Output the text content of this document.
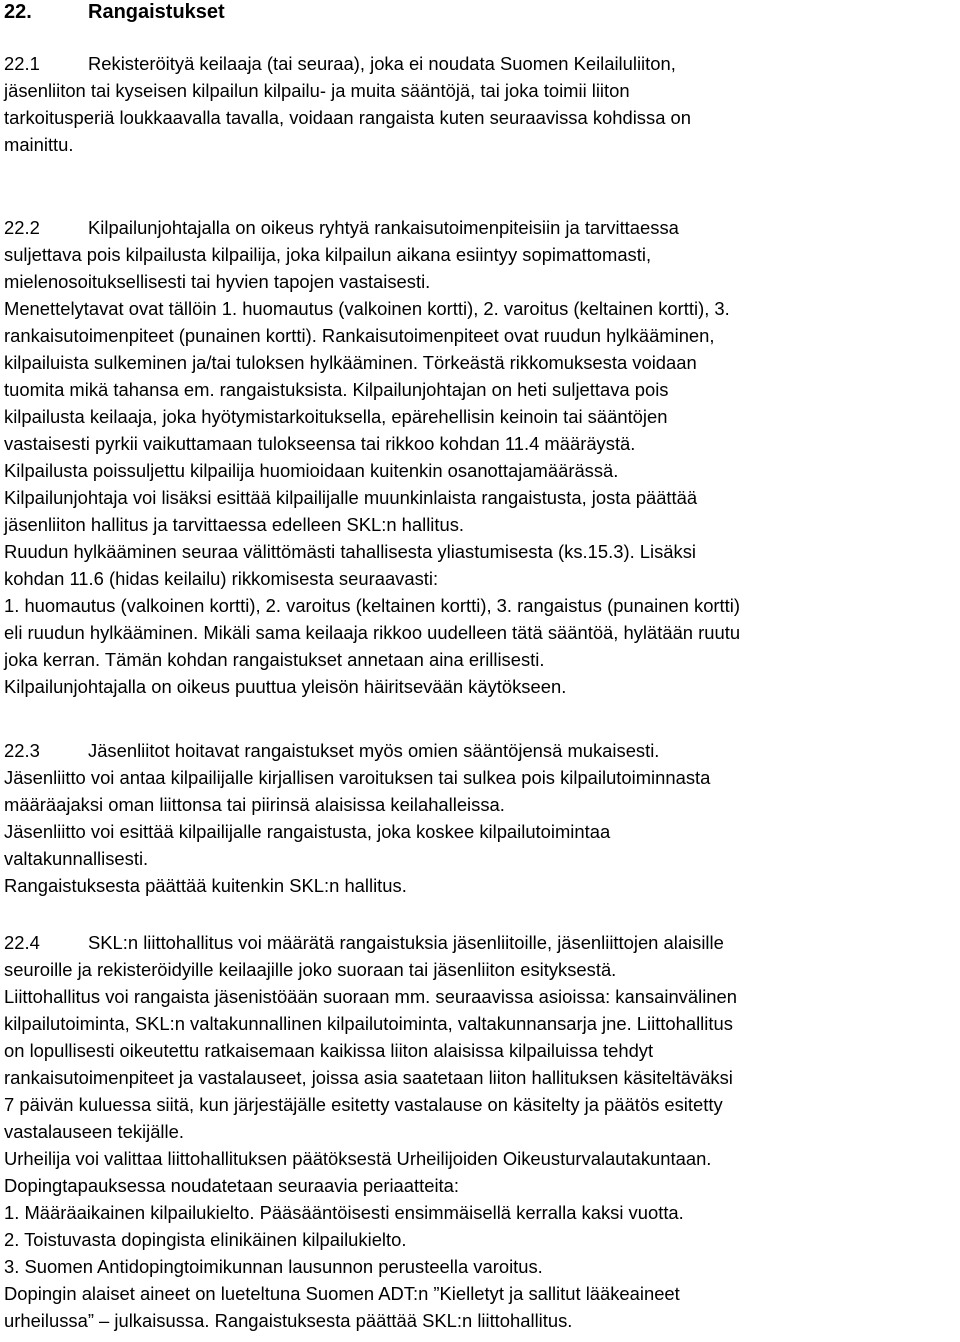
22.	Rangaistukset
22.1	Rekisteröityä keilaaja (tai seuraa), joka ei noudata Suomen Keilailuliiton,
jäsenliiton tai kyseisen kilpailun kilpailu- ja muita sääntöjä, tai joka toimii liiton
tarkoitusperiä loukkaavalla tavalla, voidaan rangaista kuten seuraavissa kohdissa on
mainittu.
22.2	Kilpailunjohtajalla on oikeus ryhtyä rankaisutoimenpiteisiin ja tarvittaessa
suljettava pois kilpailusta kilpailija, joka kilpailun aikana esiintyy sopimattomasti,
mielenosoituksellisesti tai hyvien tapojen vastaisesti.
Menettelytavat ovat tällöin 1. huomautus (valkoinen kortti), 2. varoitus (keltainen kortti), 3.
rankaisutoimenpiteet (punainen kortti). Rankaisutoimenpiteet ovat ruudun hylkääminen,
kilpailuista sulkeminen ja/tai tuloksen hylkääminen. Törkeästä rikkomuksesta voidaan
tuomita mikä tahansa em. rangaistuksista. Kilpailunjohtajan on heti suljettava pois
kilpailusta keilaaja, joka hyötymistarkoituksella, epärehellisin keinoin tai sääntöjen
vastaisesti pyrkii vaikuttamaan tulokseensa tai rikkoo kohdan 11.4 määräystä.
Kilpailusta poissuljettu kilpailija huomioidaan kuitenkin osanottajamäärässä.
Kilpailunjohtaja voi lisäksi esittää kilpailijalle muunkinlaista rangaistusta, josta päättää
jäsenliiton hallitus ja tarvittaessa edelleen SKL:n hallitus.
Ruudun hylkääminen seuraa välittömästi tahallisesta yliastumisesta (ks.15.3). Lisäksi
kohdan 11.6 (hidas keilailu) rikkomisesta seuraavasti:
1. huomautus (valkoinen kortti), 2. varoitus (keltainen kortti), 3. rangaistus (punainen kortti)
eli ruudun hylkääminen. Mikäli sama keilaaja rikkoo uudelleen tätä sääntöä, hylätään ruutu
joka kerran. Tämän kohdan rangaistukset annetaan aina erillisesti.
Kilpailunjohtajalla on oikeus puuttua yleisön häiritsevään käytökseen.
22.3	Jäsenliitot hoitavat rangaistukset myös omien sääntöjensä mukaisesti.
Jäsenliitto voi antaa kilpailijalle kirjallisen varoituksen tai sulkea pois kilpailutoiminnasta
määräajaksi oman liittonsa tai piirinsä alaisissa keilahalleissa.
Jäsenliitto voi esittää kilpailijalle rangaistusta, joka koskee kilpailutoimintaa
valtakunnallisesti.
Rangaistuksesta päättää kuitenkin SKL:n hallitus.
22.4	SKL:n liittohallitus voi määrätä rangaistuksia jäsenliitoille, jäsenliittojen alaisille
seuroille ja rekisteröidyille keilaajille joko suoraan tai jäsenliiton esityksestä.
Liittohallitus voi rangaista jäsenistöään suoraan mm. seuraavissa asioissa: kansainvälinen
kilpailutoiminta, SKL:n valtakunnallinen kilpailutoiminta, valtakunnansarja jne. Liittohallitus
on lopullisesti oikeutettu ratkaisemaan kaikissa liiton alaisissa kilpailuissa tehdyt
rankaisutoimenpiteet ja vastalauseet, joissa asia saatetaan liiton hallituksen käsiteltäväksi
7 päivän kuluessa siitä, kun järjestäjälle esitetty vastalause on käsitelty ja päätös esitetty
vastalauseen tekijälle.
Urheilija voi valittaa liittohallituksen päätöksestä Urheilijoiden Oikeusturvalautakuntaan.
Dopingtapauksessa noudatetaan seuraavia periaatteita:
1. Määräaikainen kilpailukielto. Pääsääntöisesti ensimmäisellä kerralla kaksi vuotta.
2. Toistuvasta dopingista elinikäinen kilpailukielto.
3. Suomen Antidopingtoimikunnan lausunnon perusteella varoitus.
Dopingin alaiset aineet on lueteltuna Suomen ADT:n ”Kielletyt ja sallitut lääkeaineet
urheilussa” – julkaisussa. Rangaistuksesta päättää SKL:n liittohallitus.
